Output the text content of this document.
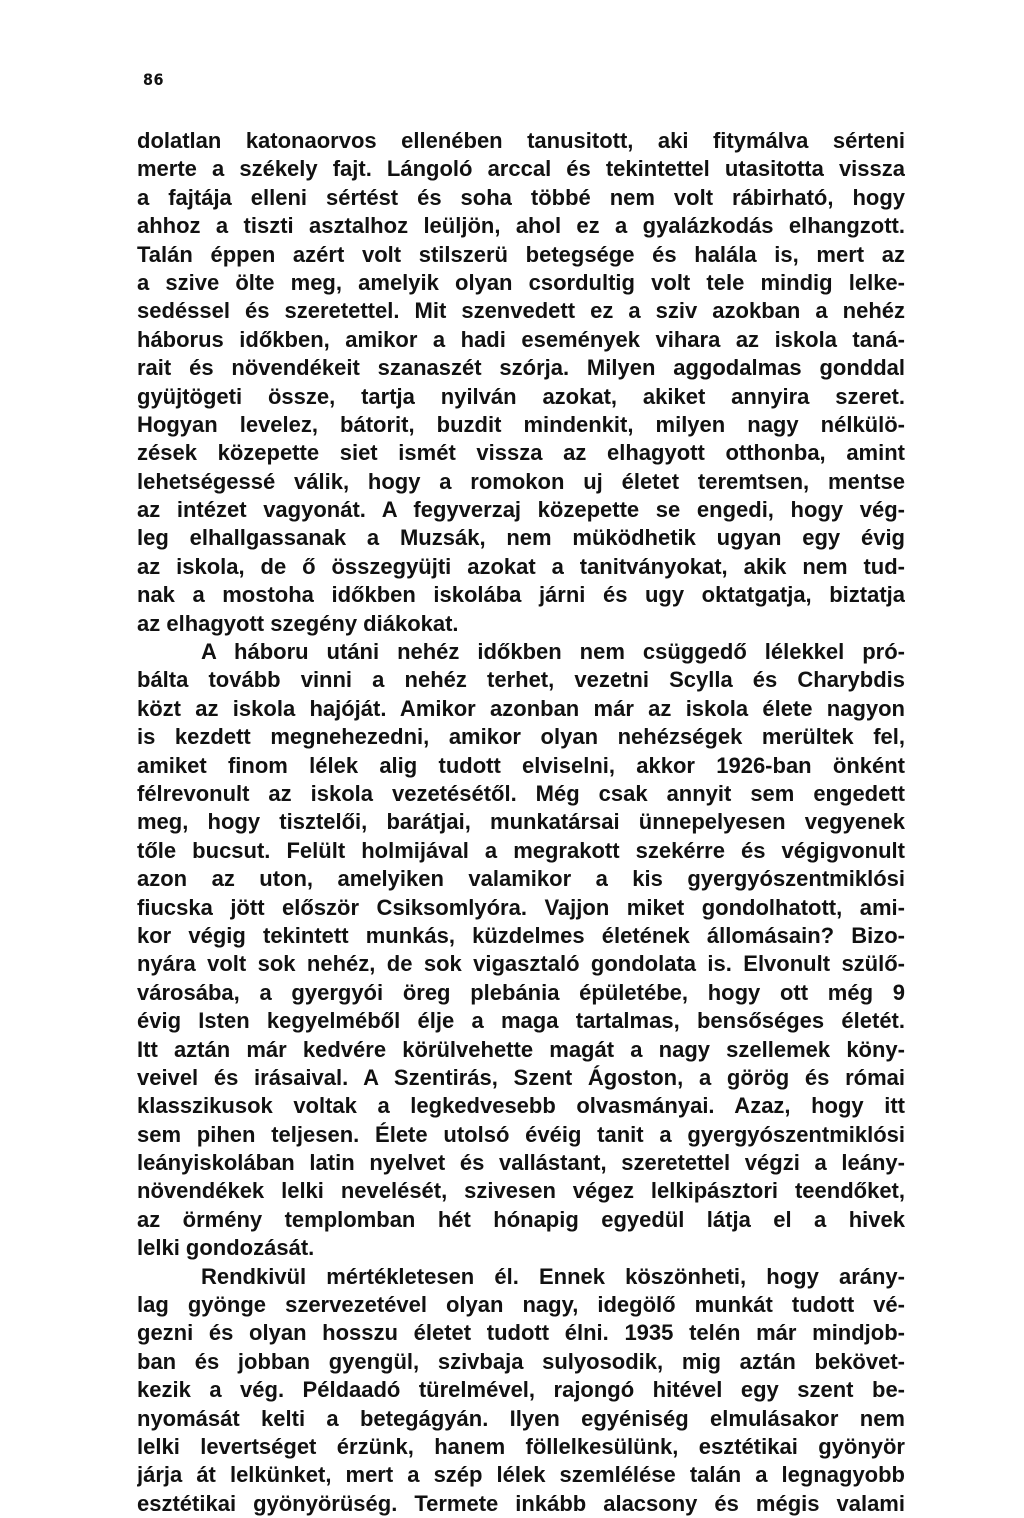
86
dolatlan katonaorvos ellenében tanusitott, aki fitymálva sérteni
merte a székely fajt. Lángoló arccal és tekintettel utasitotta vissza
a fajtája elleni sértést és soha többé nem volt rábirható, hogy
ahhoz a tiszti asztalhoz leüljön, ahol ez a gyalázkodás elhangzott.
Talán éppen azért volt stilszerü betegsége és halála is, mert az
a szive ölte meg, amelyik olyan csordultig volt tele mindig lelke-
sedéssel és szeretettel. Mit szenvedett ez a sziv azokban a nehéz
háborus időkben, amikor a hadi események vihara az iskola taná-
rait és növendékeit szanaszét szórja. Milyen aggodalmas gonddal
gyüjtögeti össze, tartja nyilván azokat, akiket annyira szeret.
Hogyan levelez, bátorit, buzdit mindenkit, milyen nagy nélkülö-
zések közepette siet ismét vissza az elhagyott otthonba, amint
lehetségessé válik, hogy a romokon uj életet teremtsen, mentse
az intézet vagyonát. A fegyverzaj közepette se engedi, hogy vég-
leg elhallgassanak a Muzsák, nem müködhetik ugyan egy évig
az iskola, de ő összegyüjti azokat a tanitványokat, akik nem tud-
nak a mostoha időkben iskolába járni és ugy oktatgatja, biztatja
az elhagyott szegény diákokat.
A háboru utáni nehéz időkben nem csüggedő lélekkel pró-
bálta tovább vinni a nehéz terhet, vezetni Scylla és Charybdis
közt az iskola hajóját. Amikor azonban már az iskola élete nagyon
is kezdett megnehezedni, amikor olyan nehézségek merültek fel,
amiket finom lélek alig tudott elviselni, akkor 1926-ban önként
félrevonult az iskola vezetésétől. Még csak annyit sem engedett
meg, hogy tisztelői, barátjai, munkatársai ünnepelyesen vegyenek
tőle bucsut. Felült holmijával a megrakott szekérre és végigvonult
azon az uton, amelyiken valamikor a kis gyergyószentmiklósi
fiucska jött először Csiksomlyóra. Vajjon miket gondolhatott, ami-
kor végig tekintett munkás, küzdelmes életének állomásain? Bizo-
nyára volt sok nehéz, de sok vigasztaló gondolata is. Elvonult szülő-
városába, a gyergyói öreg plebánia épületébe, hogy ott még 9
évig Isten kegyelméből élje a maga tartalmas, bensőséges életét.
Itt aztán már kedvére körülvehette magát a nagy szellemek köny-
veivel és irásaival. A Szentirás, Szent Ágoston, a görög és római
klasszikusok voltak a legkedvesebb olvasmányai. Azaz, hogy itt
sem pihen teljesen. Élete utolsó évéig tanit a gyergyószentmiklósi
leányiskolában latin nyelvet és vallástant, szeretettel végzi a leány-
növendékek lelki nevelését, szivesen végez lelkipásztori teendőket,
az örmény templomban hét hónapig egyedül látja el a hivek
lelki gondozását.
Rendkivül mértékletesen él. Ennek köszönheti, hogy arány-
lag gyönge szervezetével olyan nagy, idegölő munkát tudott vé-
gezni és olyan hosszu életet tudott élni. 1935 telén már mindjob-
ban és jobban gyengül, szivbaja sulyosodik, mig aztán bekövet-
kezik a vég. Példaadó türelmével, rajongó hitével egy szent be-
nyomását kelti a betegágyán. Ilyen egyéniség elmulásakor nem
lelki levertséget érzünk, hanem föllelkesülünk, esztétikai gyönyör
járja át lelkünket, mert a szép lélek szemlélése talán a legnagyobb
esztétikai gyönyörüség. Termete inkább alacsony és mégis valami
